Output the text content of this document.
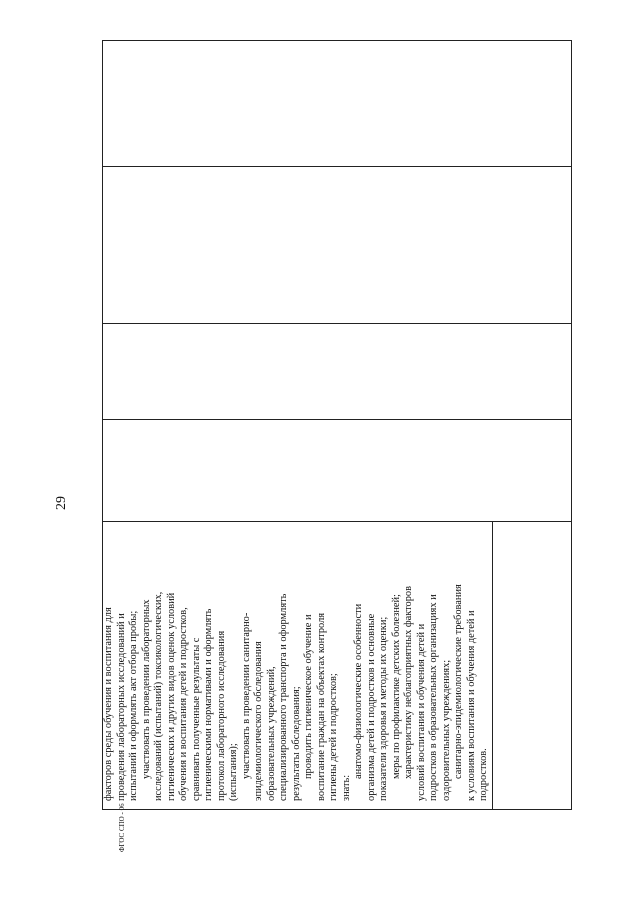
29
ФГОС СПО - 06
факторов среды обучения и воспитания для проведения лабораторных исследований и испытаний и оформлять акт отбора пробы; участвовать в проведении лабораторных исследований (испытаний) токсикологических, гигиенических и других видов оценок условий обучения и воспитания детей и подростков, сравнивать полученные результаты с гигиеническими нормативами и оформлять протокол лабораторного исследования (испытания); участвовать в проведении санитарно- эпидемиологического обследования образовательных учреждений, специализированного транспорта и оформлять результаты обследования; проводить гигиеническое обучение и воспитание граждан на объектах контроля гигиены детей и подростков; знать:
анатомо-физиологические особенности организма детей и подростков и основные показатели здоровья и методы их оценки; меры по профилактике детских болезней; характеристику неблагоприятных факторов условий воспитания и обучения детей и подростков в образовательных организациях и оздоровительных учреждениях; санитарно-эпидемиологические требования к условиям воспитания и обучения детей и подростков.
